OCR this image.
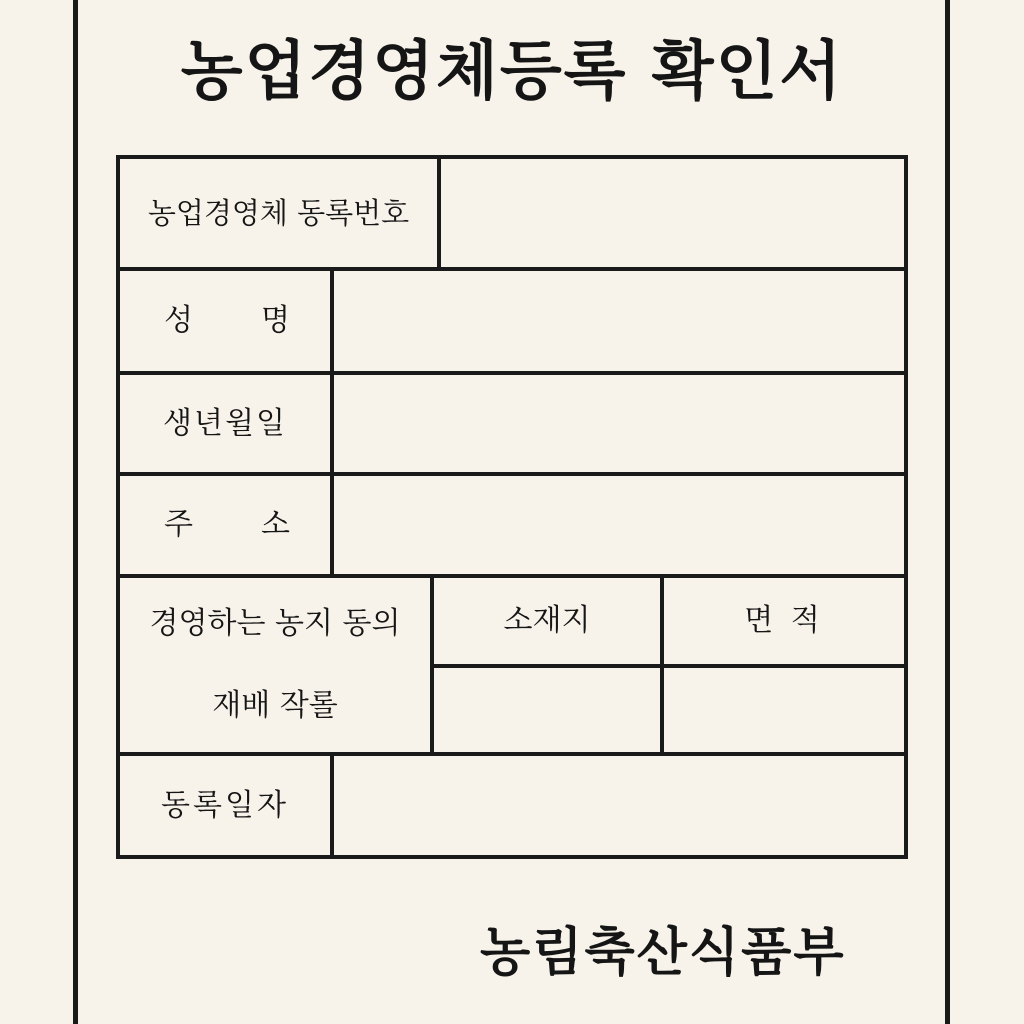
농업경영체등록 확인서
농업경영체 동록번호
성 명
생년윌일
주 소
경영하는 농지 동의
재배 작롤
소재지	면 적
동록일자
농림축산식품부
